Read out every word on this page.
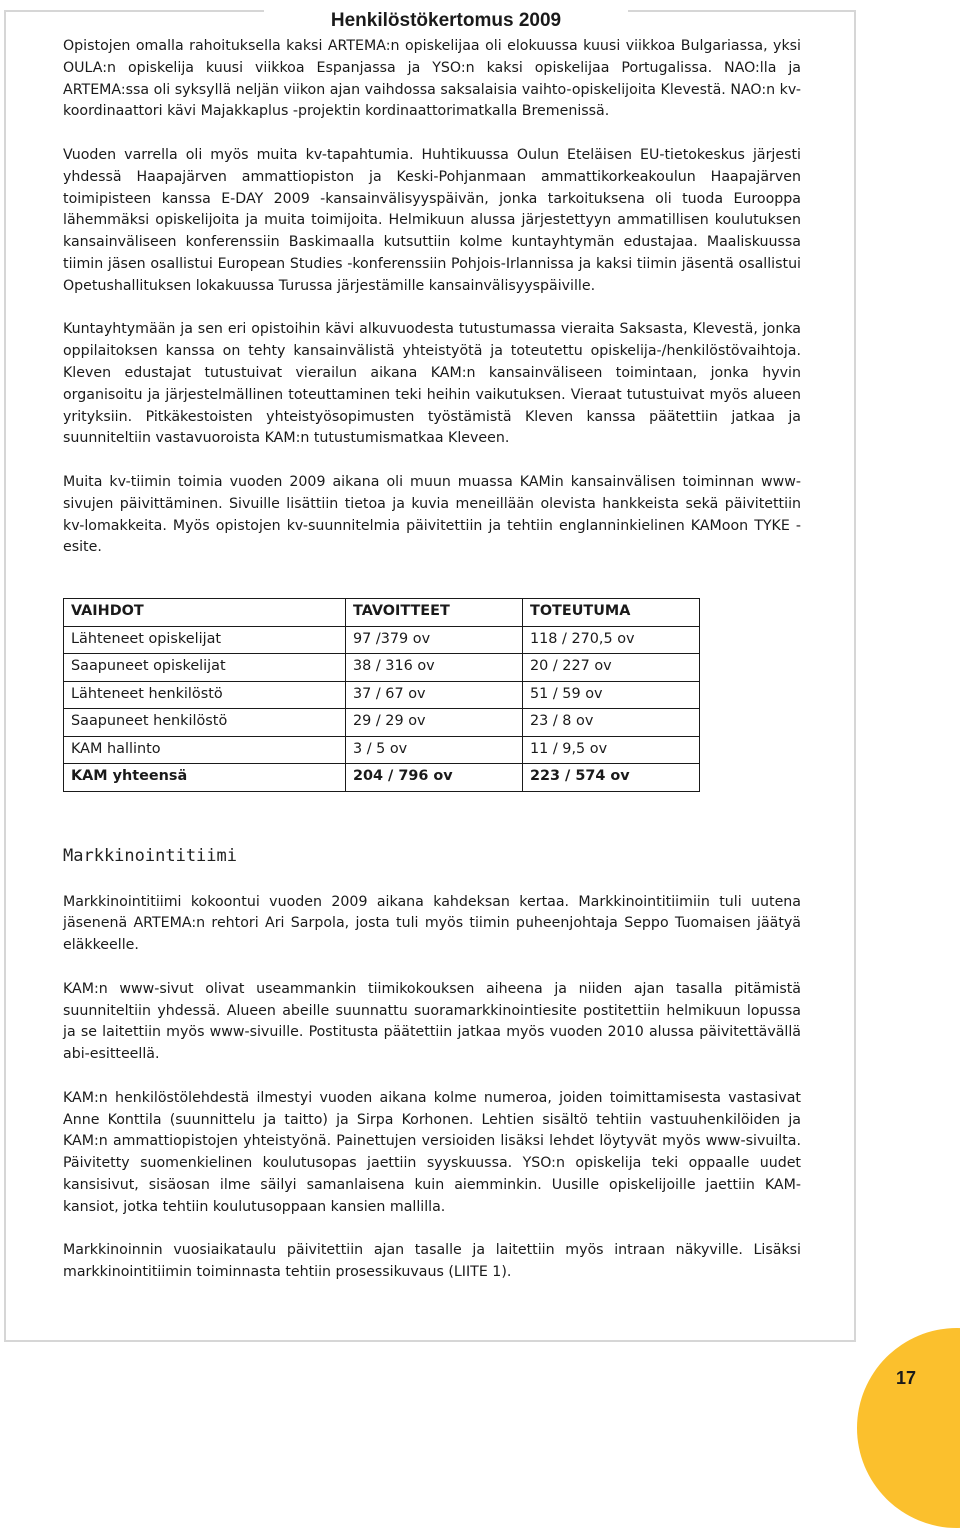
Henkilöstökertomus 2009

Opistojen omalla rahoituksella kaksi ARTEMA:n opiskelijaa oli elokuussa kuusi viikkoa Bulgariassa, yksi OULA:n opiskelija kuusi viikkoa Espanjassa ja YSO:n kaksi opiskelijaa Portugalissa. NAO:lla ja ARTEMA:ssa oli syksyllä neljän viikon ajan vaihdossa saksalaisia vaihto-opiskelijoita Klevestä. NAO:n kv-koordinaattori kävi Majakkaplus -projektin kordinaattorimatkalla Bremenissä.

Vuoden varrella oli myös muita kv-tapahtumia. Huhtikuussa Oulun Eteläisen EU-tietokeskus järjesti yhdessä Haapajärven ammattiopiston ja Keski-Pohjanmaan ammattikorkeakoulun Haapajärven toimipisteen kanssa E-DAY 2009 -kansainvälisyyspäivän, jonka tarkoituksena oli tuoda Eurooppa lähemmäksi opiskelijoita ja muita toimijoita. Helmikuun alussa järjestettyyn ammatillisen koulutuksen kansainväliseen konferenssiin Baskimaalla kutsuttiin kolme kuntayhtymän edustajaa. Maaliskuussa tiimin jäsen osallistui European Studies -konferenssiin Pohjois-Irlannissa ja kaksi tiimin jäsentä osallistui Opetushallituksen lokakuussa Turussa järjestämille kansainvälisyyspäiville.

Kuntayhtymään ja sen eri opistoihin kävi alkuvuodesta tutustumassa vieraita Saksasta, Klevestä, jonka oppilaitoksen kanssa on tehty kansainvälistä yhteistyötä ja toteutettu opiskelija-/henkilöstövaihtoja. Kleven edustajat tutustuivat vierailun aikana KAM:n kansainväliseen toimintaan, jonka hyvin organisoitu ja järjestelmällinen toteuttaminen teki heihin vaikutuksen. Vieraat tutustuivat myös alueen yrityksiin. Pitkäkestoisten yhteistyösopimusten työstämistä Kleven kanssa päätettiin jatkaa ja suunniteltiin vastavuoroista KAM:n tutustumismatkaa Kleveen.

Muita kv-tiimin toimia vuoden 2009 aikana oli muun muassa KAMin kansainvälisen toiminnan www-sivujen päivittäminen. Sivuille lisättiin tietoa ja kuvia meneillään olevista hankkeista sekä päivitettiin kv-lomakkeita. Myös opistojen kv-suunnitelmia päivitettiin ja tehtiin englanninkielinen KAMoon TYKE -esite.

VAIHDOT	TAVOITTEET	TOTEUTUMA
Lähteneet opiskelijat	97 /379 ov	118 / 270,5 ov
Saapuneet opiskelijat	38 / 316 ov	20 / 227 ov
Lähteneet henkilöstö	37 / 67 ov	51 / 59 ov
Saapuneet henkilöstö	29 / 29 ov	23 / 8 ov
KAM hallinto	3 / 5 ov	11 / 9,5 ov
KAM yhteensä	204 / 796 ov	223 / 574 ov
Markkinointitiimi

Markkinointitiimi kokoontui vuoden 2009 aikana kahdeksan kertaa. Markkinointitiimiin tuli uutena jäsenenä ARTEMA:n rehtori Ari Sarpola, josta tuli myös tiimin puheenjohtaja Seppo Tuomaisen jäätyä eläkkeelle.

KAM:n www-sivut olivat useammankin tiimikokouksen aiheena ja niiden ajan tasalla pitämistä suunniteltiin yhdessä. Alueen abeille suunnattu suoramarkkinointiesite postitettiin helmikuun lopussa ja se laitettiin myös www-sivuille. Postitusta päätettiin jatkaa myös vuoden 2010 alussa päivitettävällä abi-esitteellä.

KAM:n henkilöstölehdestä ilmestyi vuoden aikana kolme numeroa, joiden toimittamisesta vastasivat Anne Konttila (suunnittelu ja taitto) ja Sirpa Korhonen. Lehtien sisältö tehtiin vastuuhenkilöiden ja KAM:n ammattiopistojen yhteistyönä. Painettujen versioiden lisäksi lehdet löytyvät myös www-sivuilta. Päivitetty suomenkielinen koulutusopas jaettiin syyskuussa. YSO:n opiskelija teki oppaalle uudet kansisivut, sisäosan ilme säilyi samanlaisena kuin aiemminkin. Uusille opiskelijoille jaettiin KAM-kansiot, jotka tehtiin koulutusoppaan kansien mallilla.

Markkinoinnin vuosiaikataulu päivitettiin ajan tasalle ja laitettiin myös intraan näkyville. Lisäksi markkinointitiimin toiminnasta tehtiin prosessikuvaus (LIITE 1).

17
